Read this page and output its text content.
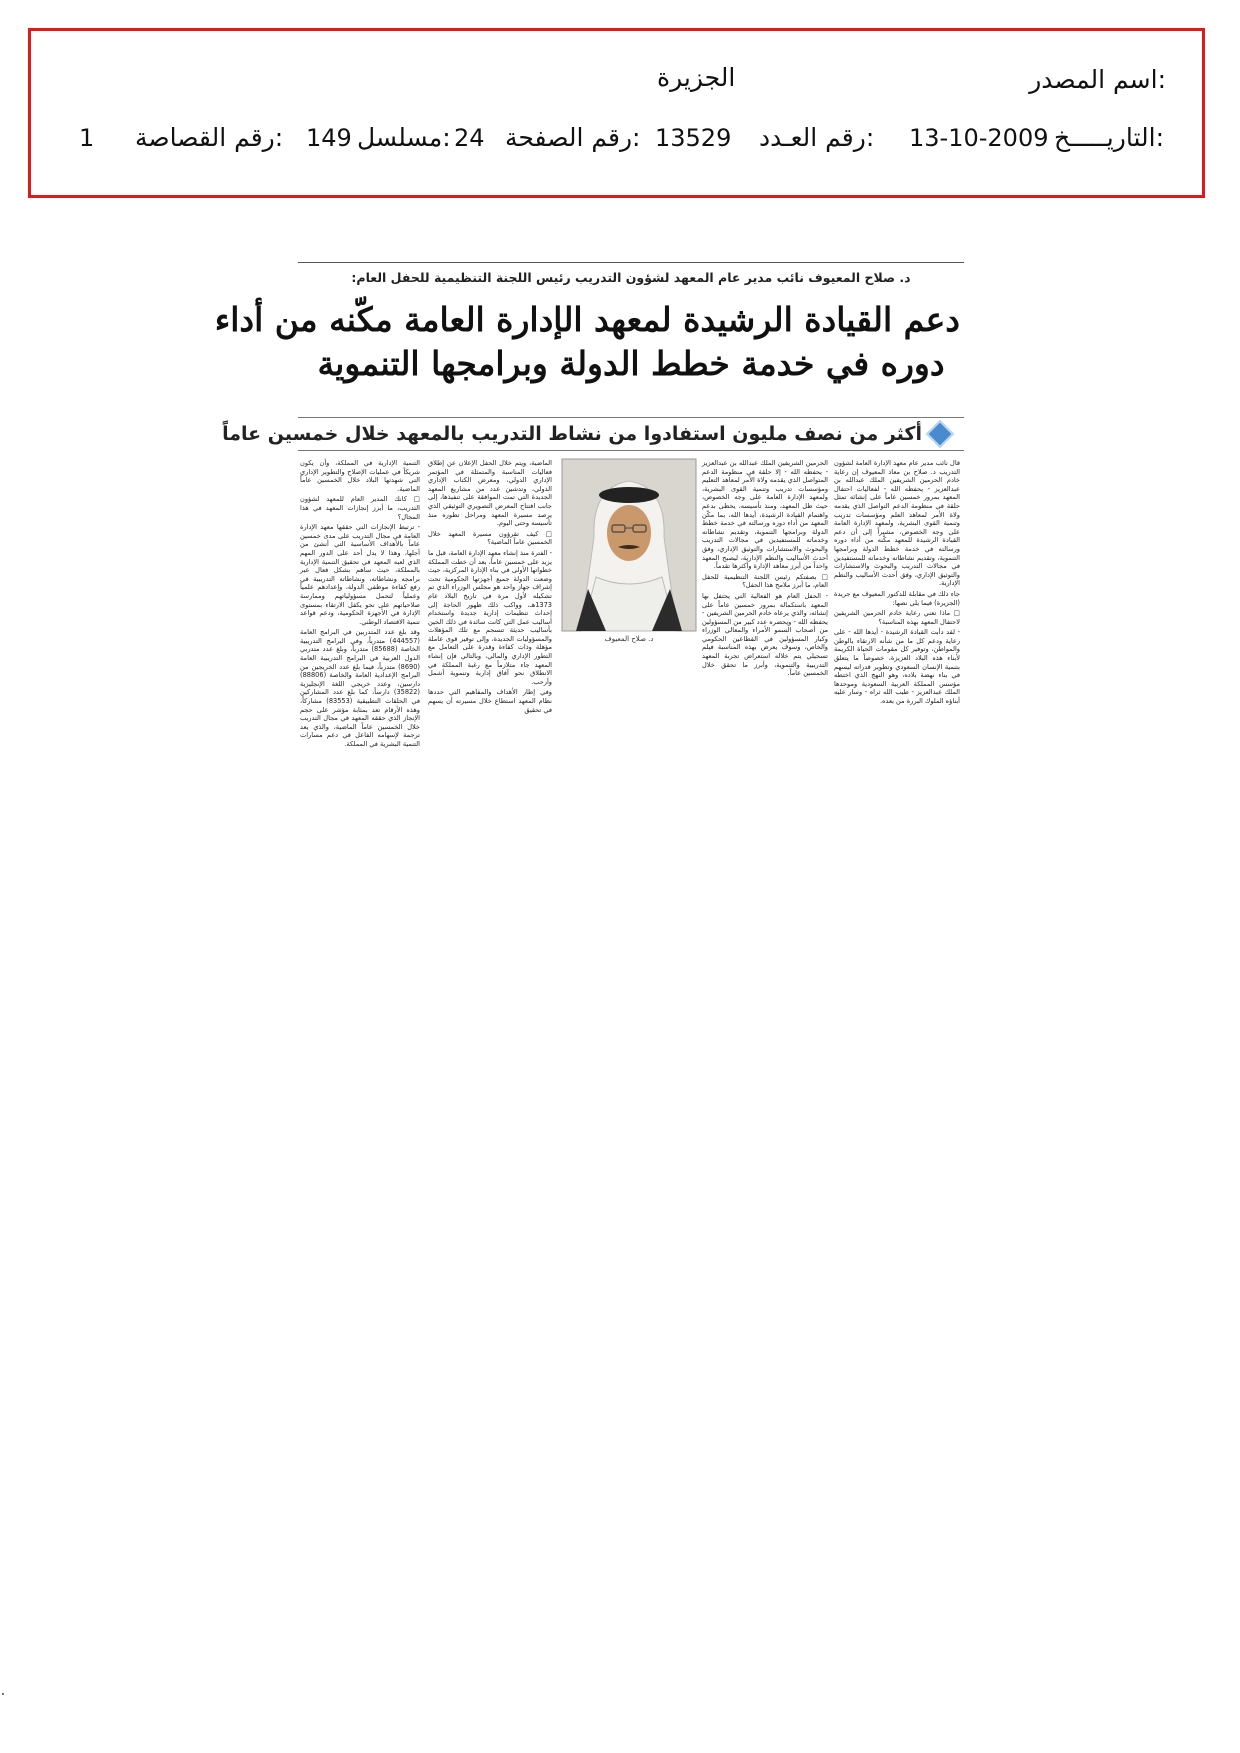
اسم المصدر:
الجزيرة
التاريـــــخ:
13-10-2009
رقم العـدد:
13529
رقم الصفحة:
24
مسلسل:
149
رقم القصاصة:
1
د. صلاح المعيوف نائب مدير عام المعهد لشؤون التدريب رئيس اللجنة التنظيمية للحفل العام:
دعم القيادة الرشيدة لمعهد الإدارة العامة مكّنه من أداء
دوره في خدمة خطط الدولة وبرامجها التنموية
أكثر من نصف مليون استفادوا من نشاط التدريب بالمعهد خلال خمسين عاماً

قال نائب مدير عام معهد الإدارة العامة لشؤون التدريب د. صلاح بن معاذ المعيوف إن رعاية خادم الحرمين الشريفين الملك عبدالله بن عبدالعزيز - يحفظه الله - لفعاليات احتفال المعهد بمرور خمسين عاماً على إنشائه تمثل حلقة في منظومة الدعم التواصل الذي يقدمه ولاة الأمر لمعاهد العلم ومؤسسات تدريب وتنمية القوى البشرية، ولمعهد الإدارة العامة على وجه الخصوص، مشيراً إلى أن دعم القيادة الرشيدة للمعهد مكّنه من أداء دوره ورسالته في خدمة خطط الدولة وبرامجها التنموية، وتقديم نشاطاته وخدماته للمستفيدين في مجالات التدريب والبحوث والاستشارات والتوثيق الإداري، وفق أحدث الأساليب والنظم الإدارية.

جاء ذلك في مقابلة للدكتور المعيوف مع جريدة (الجزيرة) فيما يلي نصها:

□ ماذا تعني رعاية خادم الحرمين الشريفين لاحتفال المعهد بهذه المناسبة؟

- لقد دأبت القيادة الرشيدة - أيدها الله - على رعاية ودعم كل ما من شأنه الارتقاء بالوطن والمواطن، وتوفير كل مقومات الحياة الكريمة لأبناء هذه البلاد العزيزة، خصوصاً ما يتعلق بتنمية الإنسان السعودي وتطوير قدراته ليسهم في بناء نهضة بلاده، وهو النهج الذي اختطه مؤسس المملكة العربية السعودية وموحدها الملك عبدالعزيز - طيب الله ثراه - وسار عليه أبناؤه الملوك البررة من بعده.

الحرمين الشريفين الملك عبدالله بن عبدالعزيز - يحفظه الله - إلا حلقة في منظومة الدعم المتواصل الذي يقدمه ولاة الأمر لمعاهد التعليم ومؤسسات تدريب وتنمية القوى البشرية، ولمعهد الإدارة العامة على وجه الخصوص، حيث ظل المعهد، ومنذ تأسيسه، يحظى بدعم واهتمام القيادة الرشيدة، أيدها الله، بما مكّن المعهد من أداء دوره ورسالته في خدمة خطط الدولة وبرامجها التنموية، وتقديم نشاطاته وخدماته للمستفيدين في مجالات التدريب والبحوث والاستشارات والتوثيق الإداري، وفق أحدث الأساليب والنظم الإدارية، ليصبح المعهد واحداً من أبرز معاهد الإدارة وأكثرها تقدماً.

□ بصفتكم رئيس اللجنة التنظيمية للحفل العام، ما أبرز ملامح هذا الحفل؟

- الحفل العام هو الفعالية التي يحتفل بها المعهد باستكماله بمرور خمسين عاماً على إنشائه، والذي يرعاه خادم الحرمين الشريفين - يحفظه الله - ويحضره عدد كبير من المسؤولين من أصحاب السمو الأمراء والمعالي الوزراء وكبار المسؤولين في القطاعين الحكومي والخاص، وسوف يعرض بهذه المناسبة فيلم تسجيلي يتم خلاله استعراض تجربة المعهد التدريبية والتنموية، وأبرز ما تحقق خلال الخمسين عاماً.

د. صلاح المعيوف

الماضية، ويتم خلال الحفل الإعلان عن إطلاق فعاليات المناسبة والمتمثلة في المؤتمر الإداري الدولي، ومعرض الكتاب الإداري الدولي، وتدشين عدد من مشاريع المعهد الجديدة التي تمت الموافقة على تنفيذها، إلى جانب افتتاح المعرض التصويري التوثيقي الذي يرصد مسيرة المعهد ومراحل تطوره منذ تأسيسه وحتى اليوم.

□ كيف تقرؤون مسيرة المعهد خلال الخمسين عاماً الماضية؟

- الفترة منذ إنشاء معهد الإدارة العامة، قبل ما يزيد على خمسين عاماً، بعد أن خطت المملكة خطواتها الأولى في بناء الإدارة المركزية، حيث وضعت الدولة جميع أجهزتها الحكومية تحت إشراف جهاز واحد هو مجلس الوزراء الذي تم تشكيله لأول مرة في تاريخ البلاد عام 1373هـ، وواكب ذلك ظهور الحاجة إلى إحداث تنظيمات إدارية جديدة واستخدام أساليب عمل التي كانت سائدة في ذلك الحين بأساليب حديثة تنسجم مع تلك المؤهلات والمسؤوليات الجديدة، وإلى توفير قوى عاملة مؤهلة وذات كفاءة وقدرة على التعامل مع التطور الإداري والمالي، وبالتالي فإن إنشاء المعهد جاء متلازماً مع رغبة المملكة في الانطلاق نحو آفاق إدارية وتنموية أشمل وأرحب.

وفي إطار الأهداف والمفاهيم التي حددها نظام المعهد استطاع خلال مسيرته أن يسهم في تحقيق

التنمية الإدارية في المملكة، وأن يكون شريكاً في عمليات الإصلاح والتطوير الإداري التي شهدتها البلاد خلال الخمسين عاماً الماضية.

□ كانك المدير العام للمعهد لشؤون التدريب، ما أبرز إنجازات المعهد في هذا المجال؟

- ترتبط الإنجازات التي حققها معهد الإدارة العامة في مجال التدريب على مدى خمسين عاماً بالأهداف الأساسية التي أنشئ من أجلها، وهذا لا يدل أحد على الدور المهم الذي لعبه المعهد في تحقيق التنمية الإدارية بالمملكة، حيث ساهم بشكل فعال عبر برامجه ونشاطاته، ونشاطاته التدريبية في رفع كفاءة موظفي الدولة، وإعدادهم علمياً وعملياً لتحمل مسؤولياتهم وممارسة صلاحياتهم على نحو يكفل الارتقاء بمستوى الإدارة في الأجهزة الحكومية، ودعم قواعد تنمية الاقتصاد الوطني.

وقد بلغ عدد المتدربين في البرامج العامة (444557) متدرباً، وفي البرامج التدريبية الخاصة (85688) متدرباً، وبلغ عدد متدربي الدول العربية في البرامج التدريبية العامة (8690) متدرباً، فيما بلغ عدد الخريجين من البرامج الإعدادية العامة والخاصة (88806) دارسين، وعدد خريجي اللغة الإنجليزية (35822) دارساً، كما بلغ عدد المشاركين في الحلقات التطبيقية (83553) مشاركاً، وهذه الأرقام تعد بمثابة مؤشر على حجم الإنجاز الذي حققه المعهد في مجال التدريب خلال الخمسين عاماً الماضية، والذي يعد ترجمة لإسهامه الفاعل في دعم مسارات التنمية البشرية في المملكة.
